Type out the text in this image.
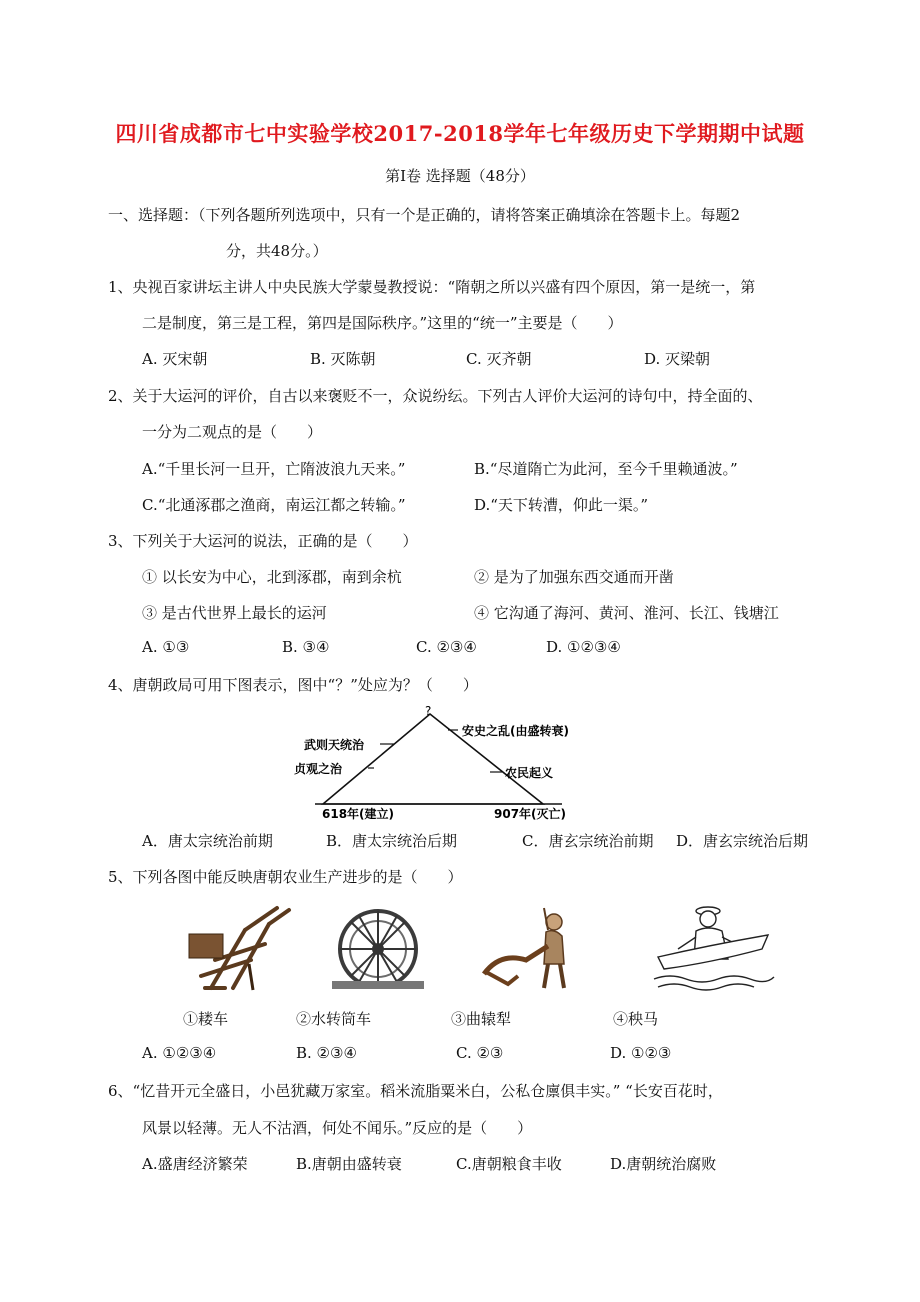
四川省成都市七中实验学校2017-2018学年七年级历史下学期期中试题
第Ⅰ卷 选择题（48分）
一、选择题：（下列各题所列选项中，只有一个是正确的，请将答案正确填涂在答题卡上。每题2
分，共48分。）
1、央视百家讲坛主讲人中央民族大学蒙曼教授说：“隋朝之所以兴盛有四个原因，第一是统一，第
二是制度，第三是工程，第四是国际秩序。”这里的“统一”主要是（　　）
A. 灭宋朝	B. 灭陈朝	C. 灭齐朝	D. 灭梁朝
2、关于大运河的评价，自古以来褒贬不一，众说纷纭。下列古人评价大运河的诗句中，持全面的、
一分为二观点的是（　　）
A.“千里长河一旦开，亡隋波浪九天来。”	B.“尽道隋亡为此河，至今千里赖通波。”
C.“北通涿郡之渔商，南运江都之转输。”	D.“天下转漕，仰此一渠。”
3、下列关于大运河的说法，正确的是（　　）
① 以长安为中心，北到涿郡，南到余杭	② 是为了加强东西交通而开凿
③ 是古代世界上最长的运河	④ 它沟通了海河、黄河、淮河、长江、钱塘江
A. ①③	B. ③④	C. ②③④	D. ①②③④
4、唐朝政局可用下图表示，图中“？”处应为？（　　）
?
武则天统治
贞观之治
安史之乱(由盛转衰)
农民起义
618年(建立)	907年(灭亡)
A．唐太宗统治前期	B．唐太宗统治后期	C．唐玄宗统治前期 D．唐玄宗统治后期
5、下列各图中能反映唐朝农业生产进步的是（　　）
①耧车	②水转筒车	③曲辕犁	④秧马
A. ①②③④	B. ②③④	C. ②③	D. ①②③
6、“忆昔开元全盛日，小邑犹藏万家室。稻米流脂粟米白，公私仓廪俱丰实。” “长安百花时，
风景以轻薄。无人不沽酒，何处不闻乐。”反应的是（　　）
A.盛唐经济繁荣	B.唐朝由盛转衰	C.唐朝粮食丰收	D.唐朝统治腐败
